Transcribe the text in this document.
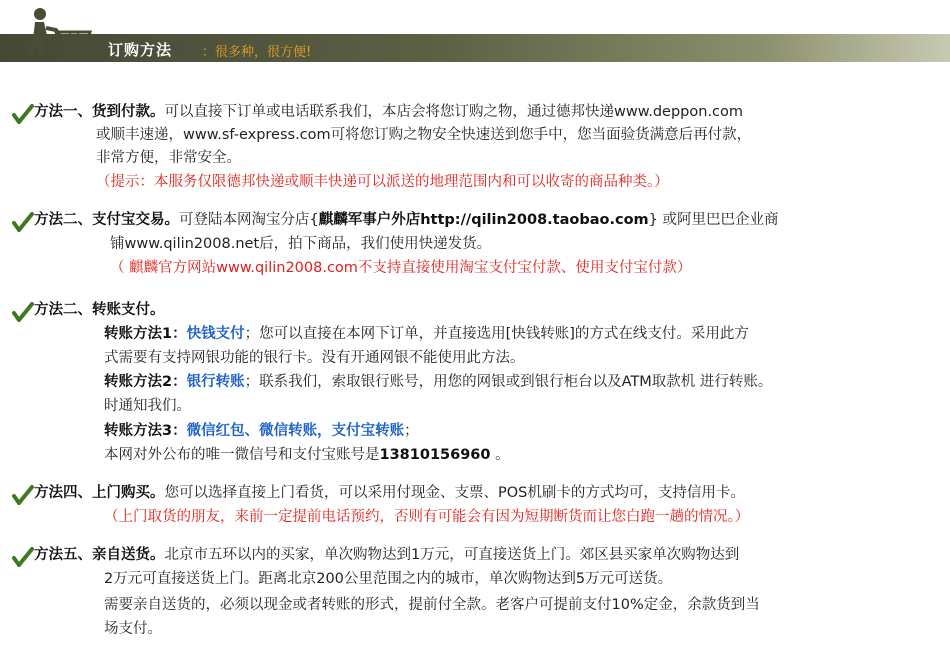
订购方法 ：很多种，很方便!
方法一、货到付款。可以直接下订单或电话联系我们，本店会将您订购之物，通过德邦快递www.deppon.com
或顺丰速递，www.sf-express.com可将您订购之物安全快速送到您手中，您当面验货满意后再付款，
非常方便，非常安全。
（提示：本服务仅限德邦快递或顺丰快递可以派送的地理范围内和可以收寄的商品种类。）
方法二、支付宝交易。可登陆本网淘宝分店{麒麟军事户外店http://qilin2008.taobao.com} 或阿里巴巴企业商
铺www.qilin2008.net后，拍下商品，我们使用快递发货。
（ 麒麟官方网站www.qilin2008.com不支持直接使用淘宝支付宝付款、使用支付宝付款）
方法二、转账支付。
转账方法1：快钱支付；您可以直接在本网下订单，并直接选用[快钱转账]的方式在线支付。采用此方
式需要有支持网银功能的银行卡。没有开通网银不能使用此方法。
转账方法2：银行转账；联系我们，索取银行账号，用您的网银或到银行柜台以及ATM取款机 进行转账。
时通知我们。
转账方法3：微信红包、微信转账，支付宝转账；
本网对外公布的唯一微信号和支付宝账号是13810156960 。
方法四、上门购买。您可以选择直接上门看货，可以采用付现金、支票、POS机刷卡的方式均可，支持信用卡。
（上门取货的朋友，来前一定提前电话预约，否则有可能会有因为短期断货而让您白跑一趟的情况。）
方法五、亲自送货。北京市五环以内的买家，单次购物达到1万元，可直接送货上门。郊区县买家单次购物达到
2万元可直接送货上门。距离北京200公里范围之内的城市，单次购物达到5万元可送货。
需要亲自送货的，必须以现金或者转账的形式，提前付全款。老客户可提前支付10%定金，余款货到当
场支付。
